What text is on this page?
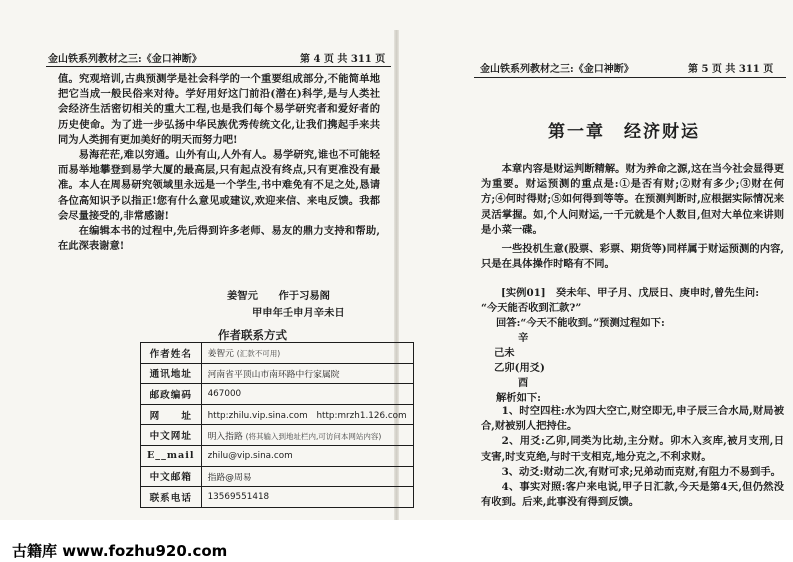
金山铁系列教材之三:《金口神断》	第 4 页 共 311 页

值。究观培训,古典预测学是社会科学的一个重要组成部分,不能简单地把它当成一般民俗来对待。学好用好这门前沿(潜在)科学,是与人类社会经济生活密切相关的重大工程,也是我们每个易学研究者和爱好者的历史使命。为了进一步弘扬中华民族优秀传统文化,让我们携起手来共同为人类拥有更加美好的明天而努力吧!

易海茫茫,难以穷通。山外有山,人外有人。易学研究,谁也不可能轻而易举地攀登到易学大厦的最高层,只有起点没有终点,只有更准没有最准。本人在周易研究领域里永远是一个学生,书中难免有不足之处,恳请各位高知识予以指正!您有什么意见或建议,欢迎来信、来电反馈。我都会尽量接受的,非常感谢!

在编辑本书的过程中,先后得到许多老师、易友的鼎力支持和帮助,在此深表谢意!

姜智元　　 作于习易阁
甲申年壬申月辛未日
作者联系方式
作者姓名	姜智元 (汇款不可用)
通讯地址	河南省平顶山市南环路中行家属院
邮政编码	467000
网　　址	http:zhilu.vip.sina.com　http:mrzh1.126.com
中文网址	明入指路 (将其输入到地址栏内,可访问本网站内容)
E__mail	zhilu@vip.sina.com
中文邮箱	指路@周易
联系电话	13569551418
金山铁系列教材之三:《金口神断》	第 5 页 共 311 页
第一章　经济财运

本章内容是财运判断精解。财为养命之源,这在当今社会显得更为重要。财运预测的重点是:①是否有财;②财有多少;③财在何方;④何时得财;⑤如何得到等等。在预测判断时,应根据实际情况来灵活掌握。如,个人问财运,一千元就是个人数目,但对大单位来讲则是小菜一碟。

一些投机生意(股票、彩票、期货等)同样属于财运预测的内容,只是在具体操作时略有不同。

[实例01]　癸未年、甲子月、戊辰日、庚申时,曾先生问:
“今天能否收到汇款?”
回答:“今天不能收到。”预测过程如下:
辛
己未
乙卯(用爻)
酉
解析如下:

1、时空四柱:水为四大空亡,财空即无,申子辰三合水局,财局被合,财被别人把持住。

2、用爻:乙卯,同类为比劫,主分财。卯木入亥库,被月支刑,日支害,时支克绝,与时干支相克,地分克之,不利求财。

3、动爻:财动二次,有财可求;兄弟动而克财,有阻力不易到手。

4、事实对照:客户来电说,甲子日汇款,今天是第4天,但仍然没有收到。后来,此事没有得到反馈。

古籍库 www.fozhu920.com
